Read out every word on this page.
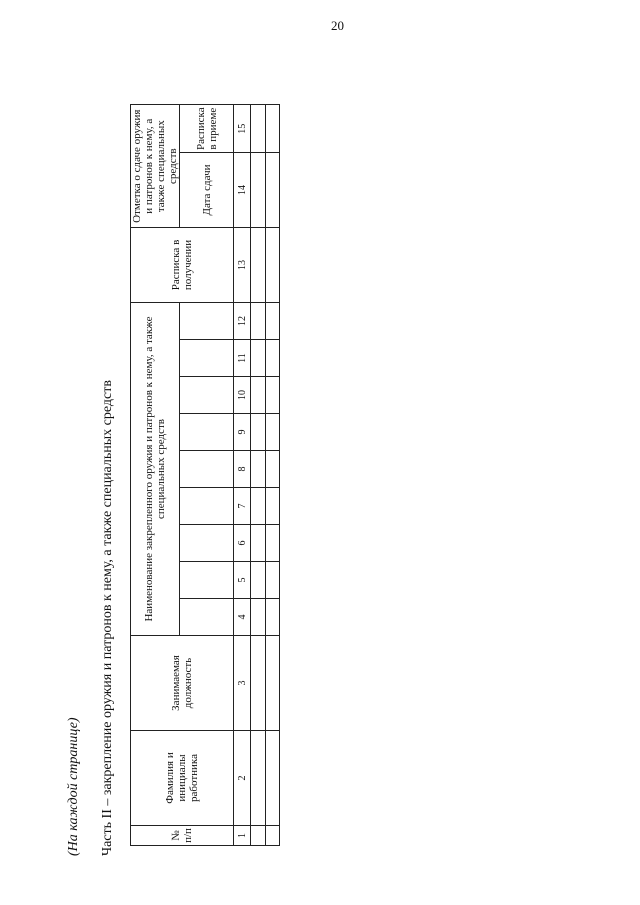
20
(На каждой странице) Часть II – закрепление оружия и патронов к нему, а также специальных средств	№ п/п	Фамилия и инициалы работника	Занимаемая должность	Наименование закрепленного оружия и патронов к нему, а также специальных средств									Расписка в получении	Отметка о сдаче оружия и патронов к нему, а также специальных средств	
													Дата сдачи	Расписка в приеме
1	2	3	4	5	6	7	8	9	10	11	12	13	14	15
